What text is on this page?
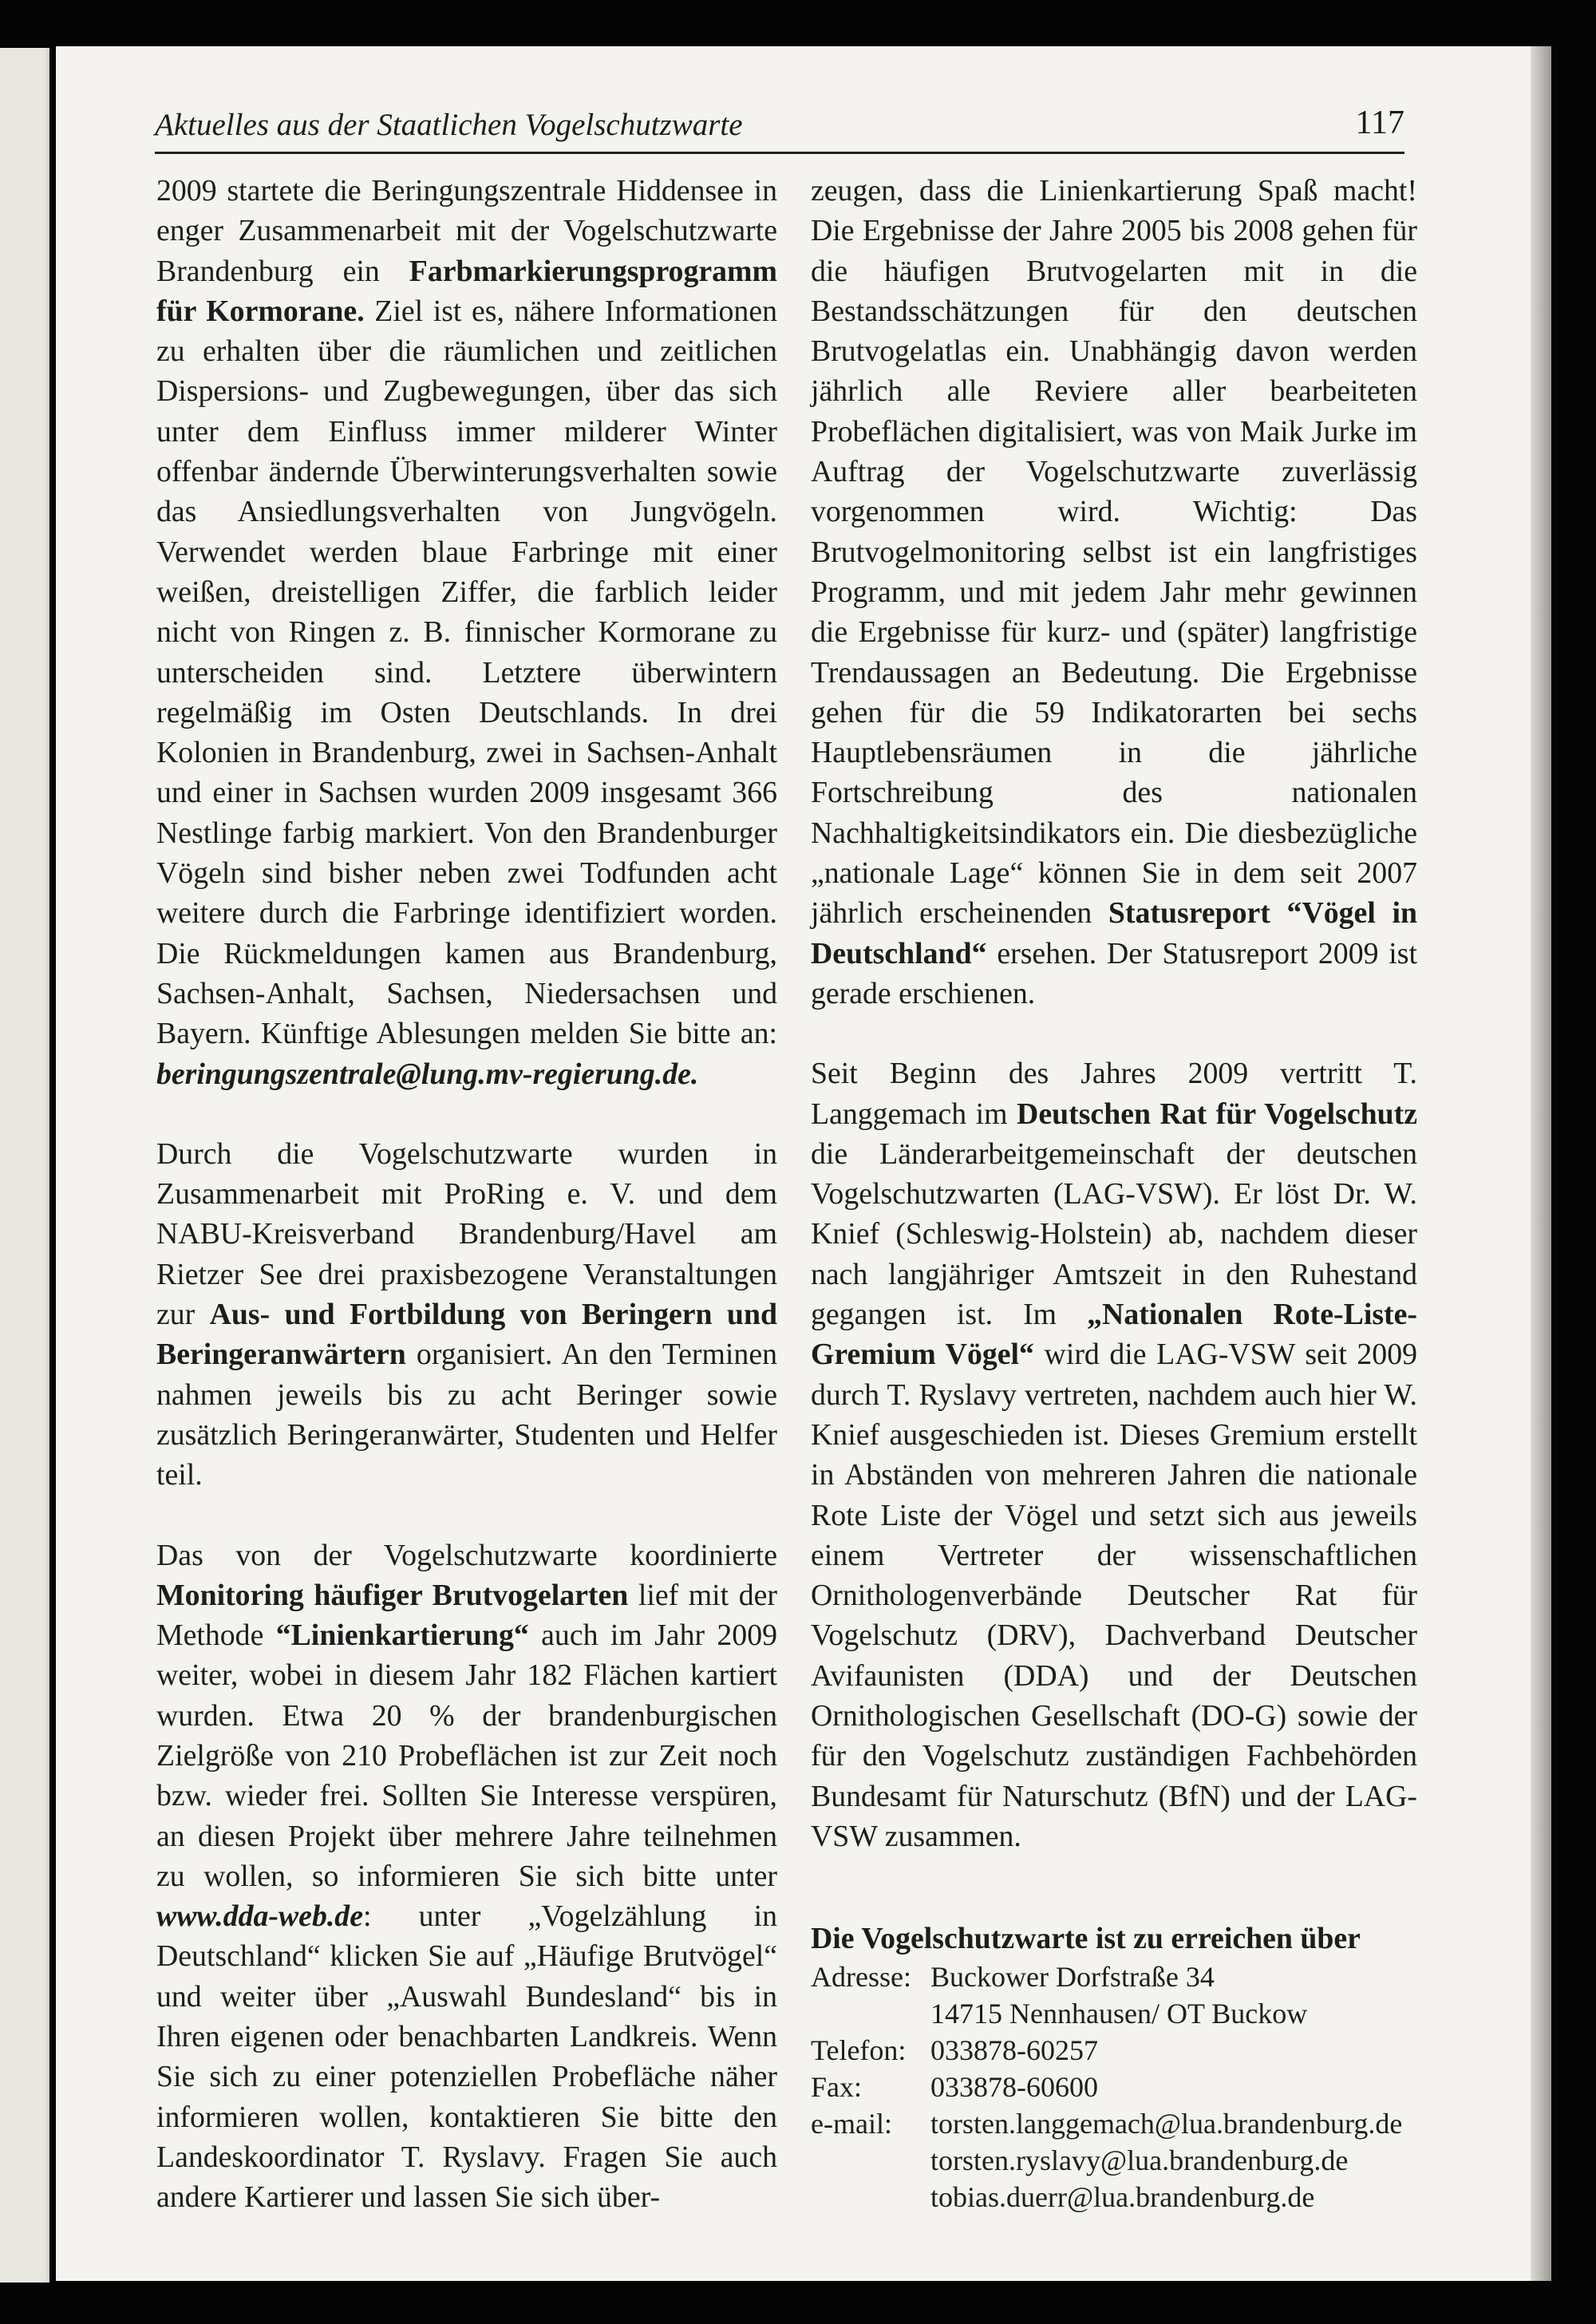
Aktuelles aus der Staatlichen Vogelschutzwarte	117

2009 startete die Beringungszentrale Hiddensee in enger Zusammenarbeit mit der Vogelschutzwarte Brandenburg ein Farbmarkierungsprogramm für Kormorane. Ziel ist es, nähere Informationen zu erhalten über die räumlichen und zeitlichen Dispersions- und Zugbewegungen, über das sich unter dem Einfluss immer milderer Winter offenbar ändernde Überwinterungsverhalten sowie das Ansiedlungsverhalten von Jungvögeln. Verwendet werden blaue Farbringe mit einer weißen, dreistelligen Ziffer, die farblich leider nicht von Ringen z. B. finnischer Kormorane zu unterscheiden sind. Letztere überwintern regelmäßig im Osten Deutschlands. In drei Kolonien in Brandenburg, zwei in Sachsen-Anhalt und einer in Sachsen wurden 2009 insgesamt 366 Nestlinge farbig markiert. Von den Brandenburger Vögeln sind bisher neben zwei Todfunden acht weitere durch die Farbringe identifiziert worden. Die Rückmeldungen kamen aus Brandenburg, Sachsen-Anhalt, Sachsen, Niedersachsen und Bayern. Künftige Ablesungen melden Sie bitte an: beringungszentrale@lung.mv-regierung.de.

Durch die Vogelschutzwarte wurden in Zusammenarbeit mit ProRing e. V. und dem NABU-Kreisverband Brandenburg/Havel am Rietzer See drei praxisbezogene Veranstaltungen zur Aus- und Fortbildung von Beringern und Beringeranwärtern organisiert. An den Terminen nahmen jeweils bis zu acht Beringer sowie zusätzlich Beringeranwärter, Studenten und Helfer teil.

Das von der Vogelschutzwarte koordinierte Monitoring häufiger Brutvogelarten lief mit der Methode “Linienkartierung“ auch im Jahr 2009 weiter, wobei in diesem Jahr 182 Flächen kartiert wurden. Etwa 20 % der brandenburgischen Zielgröße von 210 Probeflächen ist zur Zeit noch bzw. wieder frei. Sollten Sie Interesse verspüren, an diesen Projekt über mehrere Jahre teilnehmen zu wollen, so informieren Sie sich bitte unter www.dda-web.de: unter „Vogelzählung in Deutschland“ klicken Sie auf „Häufige Brutvögel“ und weiter über „Auswahl Bundesland“ bis in Ihren eigenen oder benachbarten Landkreis. Wenn Sie sich zu einer potenziellen Probefläche näher informieren wollen, kontaktieren Sie bitte den Landeskoordinator T. Ryslavy. Fragen Sie auch andere Kartierer und lassen Sie sich über-

zeugen, dass die Linienkartierung Spaß macht! Die Ergebnisse der Jahre 2005 bis 2008 gehen für die häufigen Brutvogelarten mit in die Bestandsschätzungen für den deutschen Brutvogelatlas ein. Unabhängig davon werden jährlich alle Reviere aller bearbeiteten Probeflächen digitalisiert, was von Maik Jurke im Auftrag der Vogelschutzwarte zuverlässig vorgenommen wird. Wichtig: Das Brutvogelmonitoring selbst ist ein langfristiges Programm, und mit jedem Jahr mehr gewinnen die Ergebnisse für kurz- und (später) langfristige Trendaussagen an Bedeutung. Die Ergebnisse gehen für die 59 Indikatorarten bei sechs Hauptlebensräumen in die jährliche Fortschreibung des nationalen Nachhaltigkeitsindikators ein. Die diesbezügliche „nationale Lage“ können Sie in dem seit 2007 jährlich erscheinenden Statusreport “Vögel in Deutschland“ ersehen. Der Statusreport 2009 ist gerade erschienen.

Seit Beginn des Jahres 2009 vertritt T. Langgemach im Deutschen Rat für Vogelschutz die Länderarbeitgemeinschaft der deutschen Vogelschutzwarten (LAG-VSW). Er löst Dr. W. Knief (Schleswig-Holstein) ab, nachdem dieser nach langjähriger Amtszeit in den Ruhestand gegangen ist. Im „Nationalen Rote-Liste-Gremium Vögel“ wird die LAG-VSW seit 2009 durch T. Ryslavy vertreten, nachdem auch hier W. Knief ausgeschieden ist. Dieses Gremium erstellt in Abständen von mehreren Jahren die nationale Rote Liste der Vögel und setzt sich aus jeweils einem Vertreter der wissenschaftlichen Ornithologenverbände Deutscher Rat für Vogelschutz (DRV), Dachverband Deutscher Avifaunisten (DDA) und der Deutschen Ornithologischen Gesellschaft (DO-G) sowie der für den Vogelschutz zuständigen Fachbehörden Bundesamt für Naturschutz (BfN) und der LAG-VSW zusammen.

Die Vogelschutzwarte ist zu erreichen über
Adresse:	Buckower Dorfstraße 34
	14715 Nennhausen/ OT Buckow
Telefon:	033878-60257
Fax:	033878-60600
e-mail:	torsten.langgemach@lua.brandenburg.de
	torsten.ryslavy@lua.brandenburg.de
	tobias.duerr@lua.brandenburg.de
